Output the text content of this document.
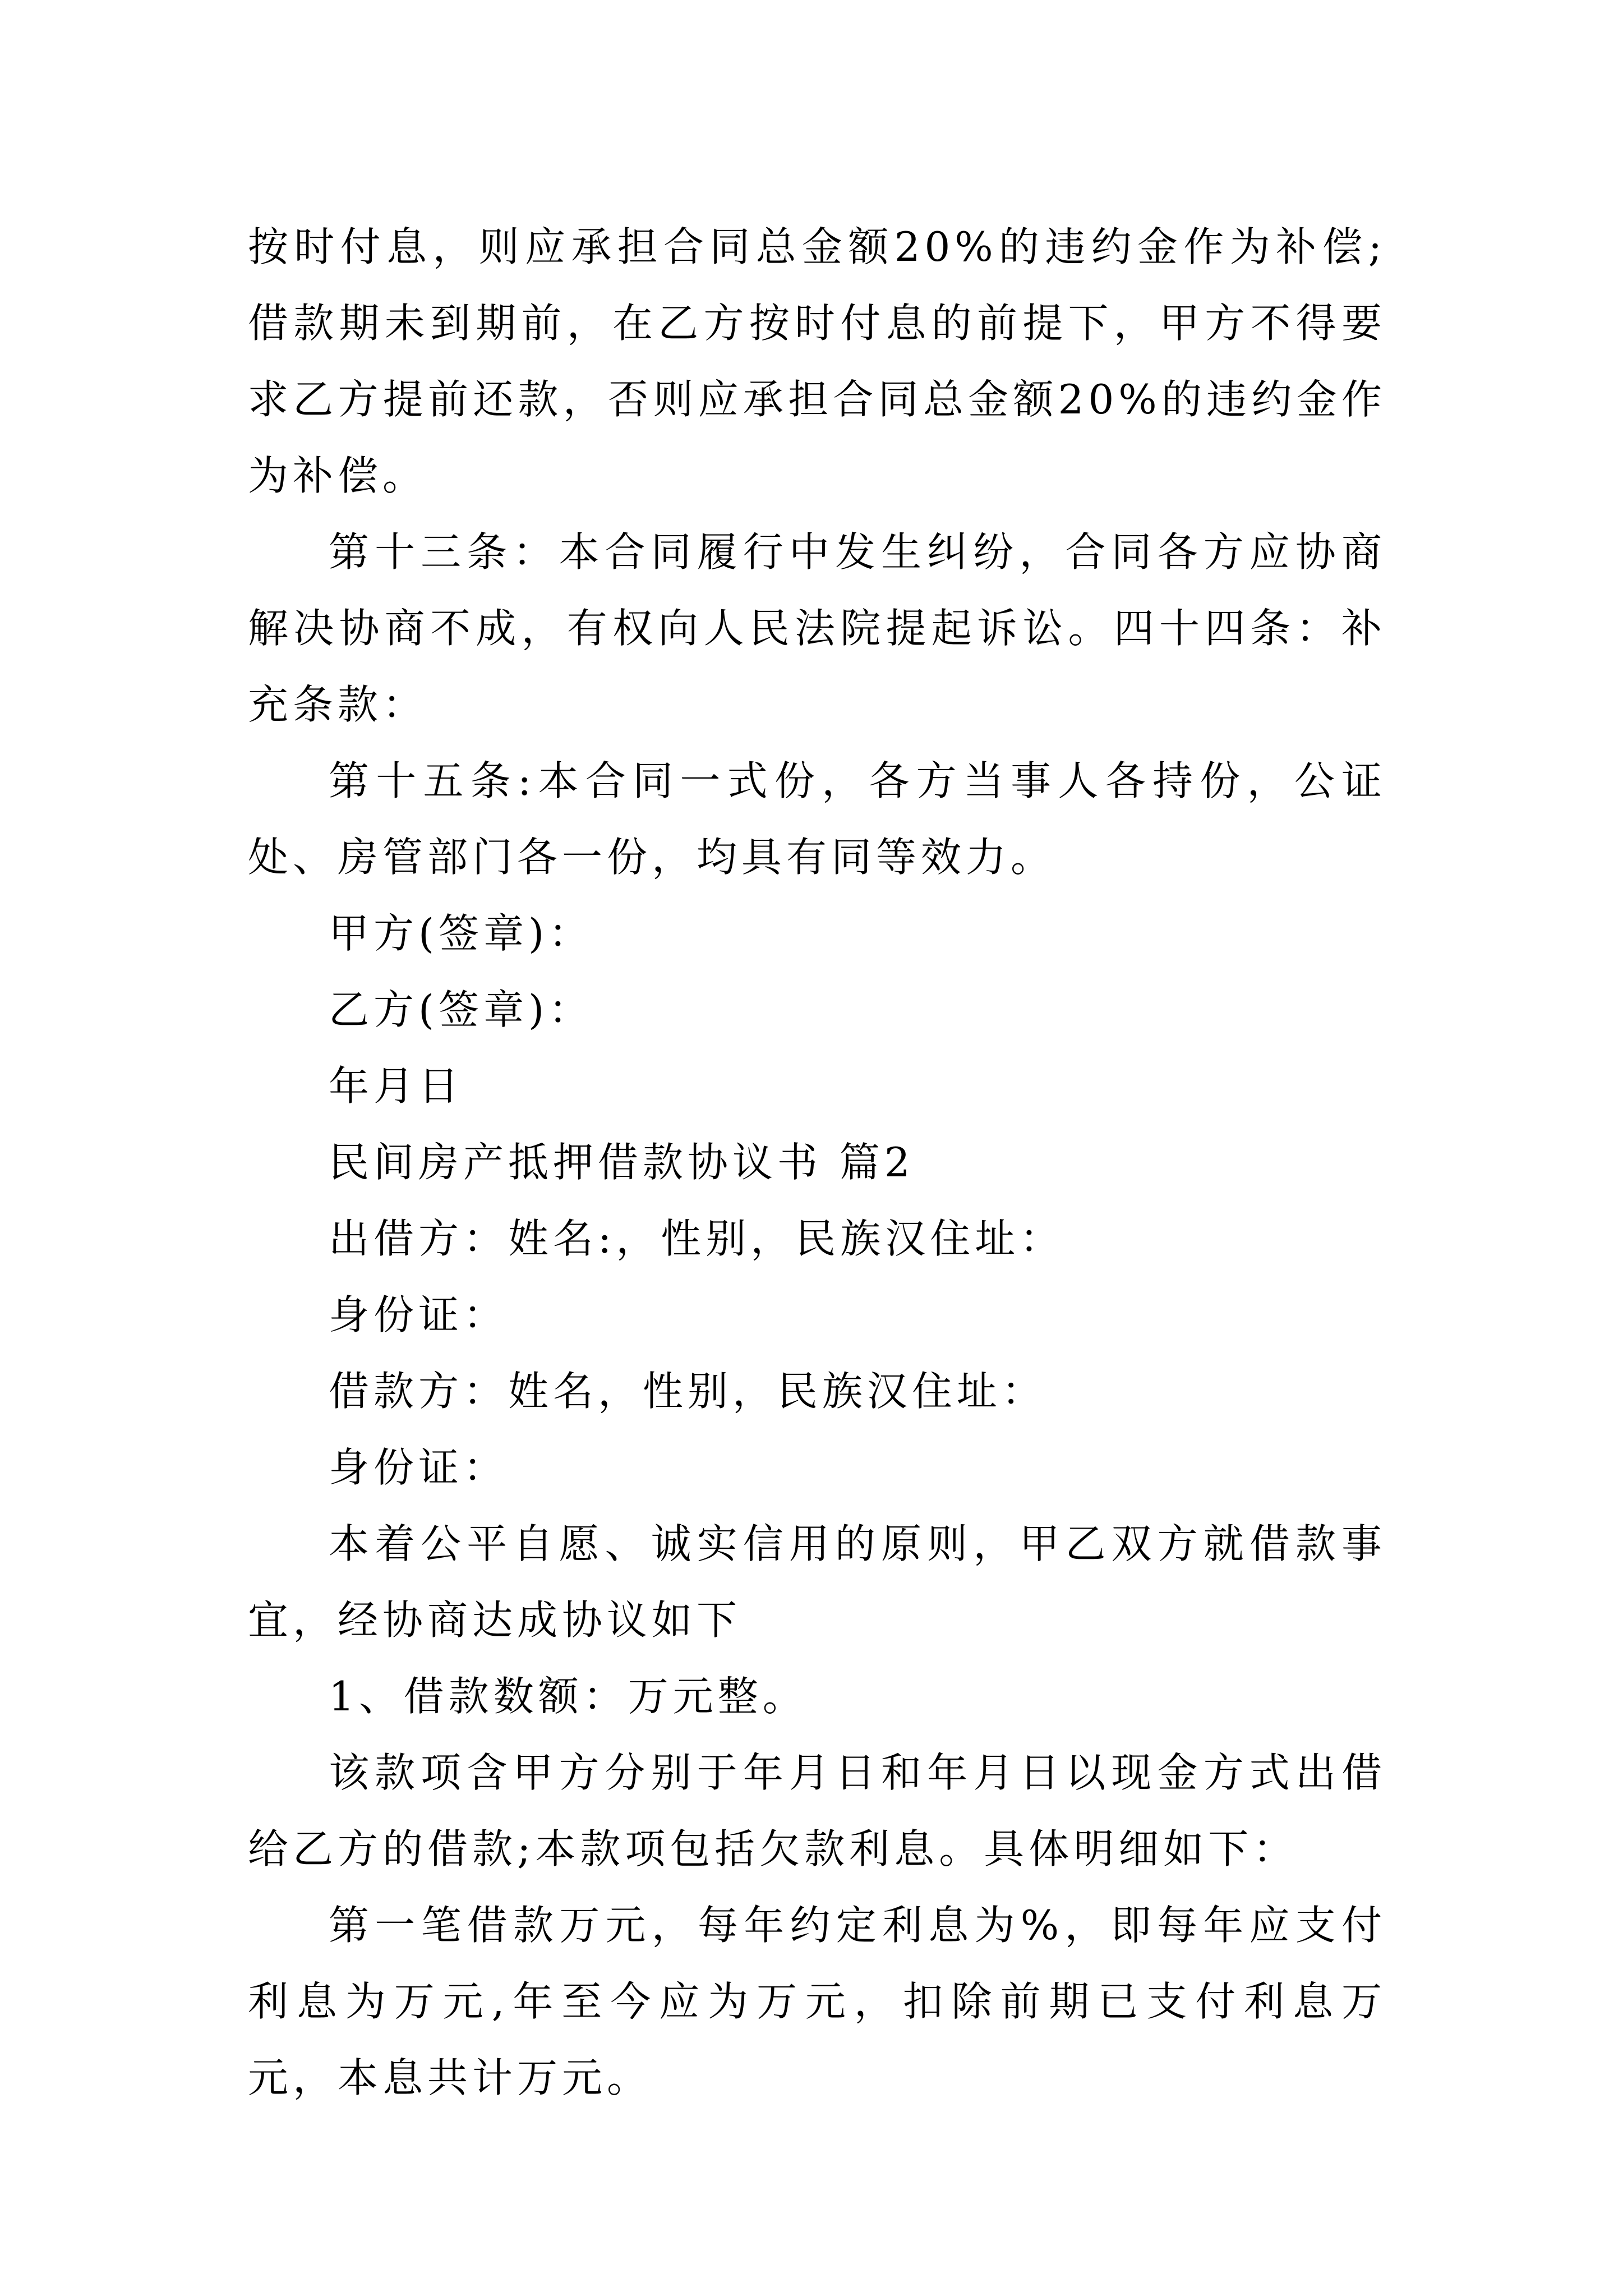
按时付息，则应承担合同总金额20%的违约金作为补偿;借款期未到期前，在乙方按时付息的前提下，甲方不得要求乙方提前还款，否则应承担合同总金额20%的违约金作为补偿。

第十三条：本合同履行中发生纠纷，合同各方应协商解决协商不成，有权向人民法院提起诉讼。四十四条：补充条款：

第十五条:本合同一式份，各方当事人各持份，公证处、房管部门各一份，均具有同等效力。

甲方(签章)：

乙方(签章)：

年月日

民间房产抵押借款协议书 篇2

出借方：姓名:，性别，民族汉住址：

身份证：

借款方：姓名，性别，民族汉住址：

身份证：

本着公平自愿、诚实信用的原则，甲乙双方就借款事宜，经协商达成协议如下

1、借款数额：万元整。

该款项含甲方分别于年月日和年月日以现金方式出借给乙方的借款;本款项包括欠款利息。具体明细如下：

第一笔借款万元，每年约定利息为%，即每年应支付利息为万元,年至今应为万元，扣除前期已支付利息万元，本息共计万元。
